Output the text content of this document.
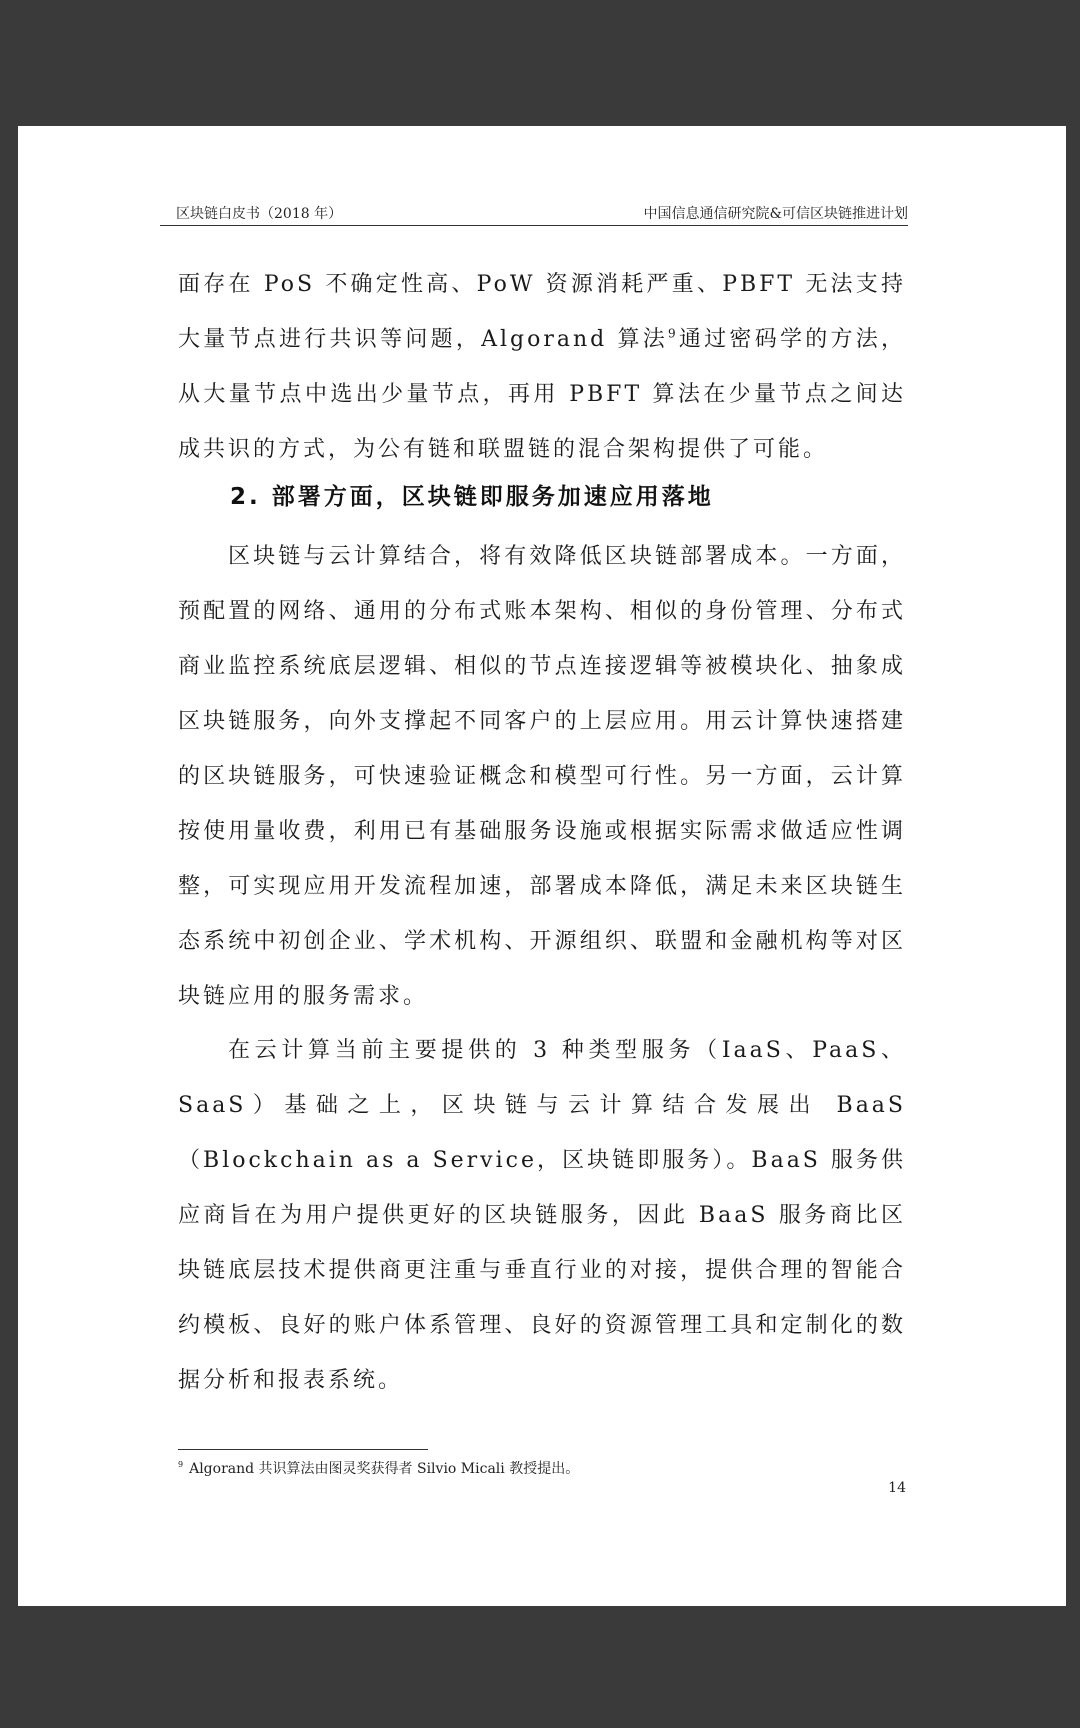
区块链白皮书（2018 年）	中国信息通信研究院&可信区块链推进计划
面存在 PoS 不确定性高、PoW 资源消耗严重、PBFT 无法支持大量节点进行共识等问题，Algorand 算法$^9$通过密码学的方法，从大量节点中选出少量节点，再用 PBFT 算法在少量节点之间达成共识的方式，为公有链和联盟链的混合架构提供了可能。
2. 部署方面，区块链即服务加速应用落地
区块链与云计算结合，将有效降低区块链部署成本。一方面，预配置的网络、通用的分布式账本架构、相似的身份管理、分布式商业监控系统底层逻辑、相似的节点连接逻辑等被模块化、抽象成区块链服务，向外支撑起不同客户的上层应用。用云计算快速搭建的区块链服务，可快速验证概念和模型可行性。另一方面，云计算按使用量收费，利用已有基础服务设施或根据实际需求做适应性调整，可实现应用开发流程加速，部署成本降低，满足未来区块链生态系统中初创企业、学术机构、开源组织、联盟和金融机构等对区块链应用的服务需求。
在云计算当前主要提供的 3 种类型服务（IaaS、PaaS、SaaS）基础之上，区块链与云计算结合发展出 BaaS（Blockchain as a Service，区块链即服务）。BaaS 服务供应商旨在为用户提供更好的区块链服务，因此 BaaS 服务商比区块链底层技术提供商更注重与垂直行业的对接，提供合理的智能合约模板、良好的账户体系管理、良好的资源管理工具和定制化的数据分析和报表系统。
$^9$ Algorand 共识算法由图灵奖获得者 Silvio Micali 教授提出。
14
